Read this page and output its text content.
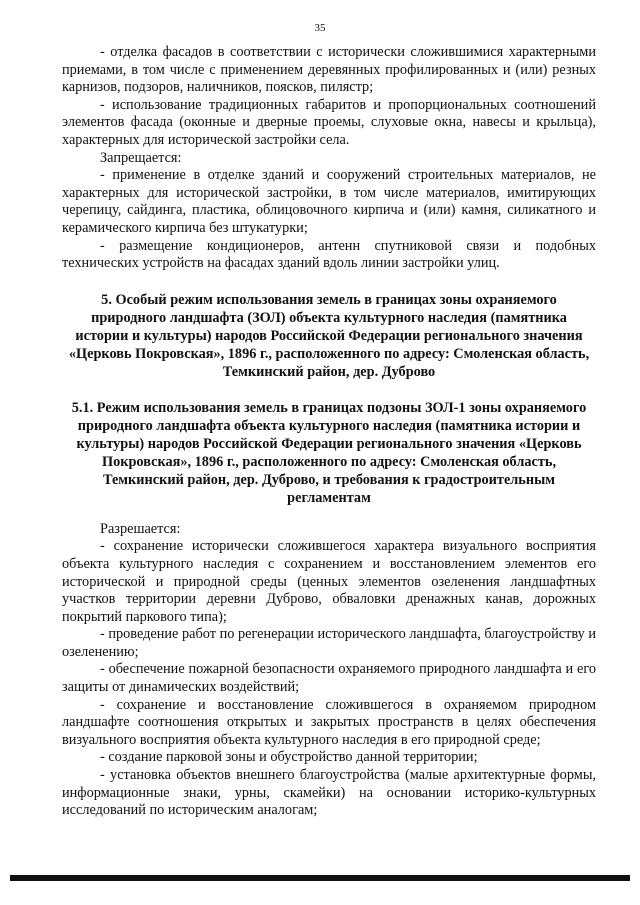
35

- отделка фасадов в соответствии с исторически сложившимися характерными приемами, в том числе с применением деревянных профилированных и (или) резных карнизов, подзоров, наличников, поясков, пилястр;

- использование традиционных габаритов и пропорциональных соотношений элементов фасада (оконные и дверные проемы, слуховые окна, навесы и крыльца), характерных для исторической застройки села.

Запрещается:

- применение в отделке зданий и сооружений строительных материалов, не характерных для исторической застройки, в том числе материалов, имитирующих черепицу, сайдинга, пластика, облицовочного кирпича и (или) камня, силикатного и керамического кирпича без штукатурки;

- размещение кондиционеров, антенн спутниковой связи и подобных технических устройств на фасадах зданий вдоль линии застройки улиц.

5. Особый режим использования земель в границах зоны охраняемого природного ландшафта (ЗОЛ) объекта культурного наследия (памятника истории и культуры) народов Российской Федерации регионального значения «Церковь Покровская», 1896 г., расположенного по адресу: Смоленская область, Темкинский район, дер. Дуброво
5.1. Режим использования земель в границах подзоны ЗОЛ-1 зоны охраняемого природного ландшафта объекта культурного наследия (памятника истории и культуры) народов Российской Федерации регионального значения «Церковь Покровская», 1896 г., расположенного по адресу: Смоленская область, Темкинский район, дер. Дуброво, и требования к градостроительным регламентам

Разрешается:

- сохранение исторически сложившегося характера визуального восприятия объекта культурного наследия с сохранением и восстановлением элементов его исторической и природной среды (ценных элементов озеленения ландшафтных участков территории деревни Дуброво, обваловки дренажных канав, дорожных покрытий паркового типа);

- проведение работ по регенерации исторического ландшафта, благоустройству и озеленению;

- обеспечение пожарной безопасности охраняемого природного ландшафта и его защиты от динамических воздействий;

- сохранение и восстановление сложившегося в охраняемом природном ландшафте соотношения открытых и закрытых пространств в целях обеспечения визуального восприятия объекта культурного наследия в его природной среде;

- создание парковой зоны и обустройство данной территории;

- установка объектов внешнего благоустройства (малые архитектурные формы, информационные знаки, урны, скамейки) на основании историко-культурных исследований по историческим аналогам;
